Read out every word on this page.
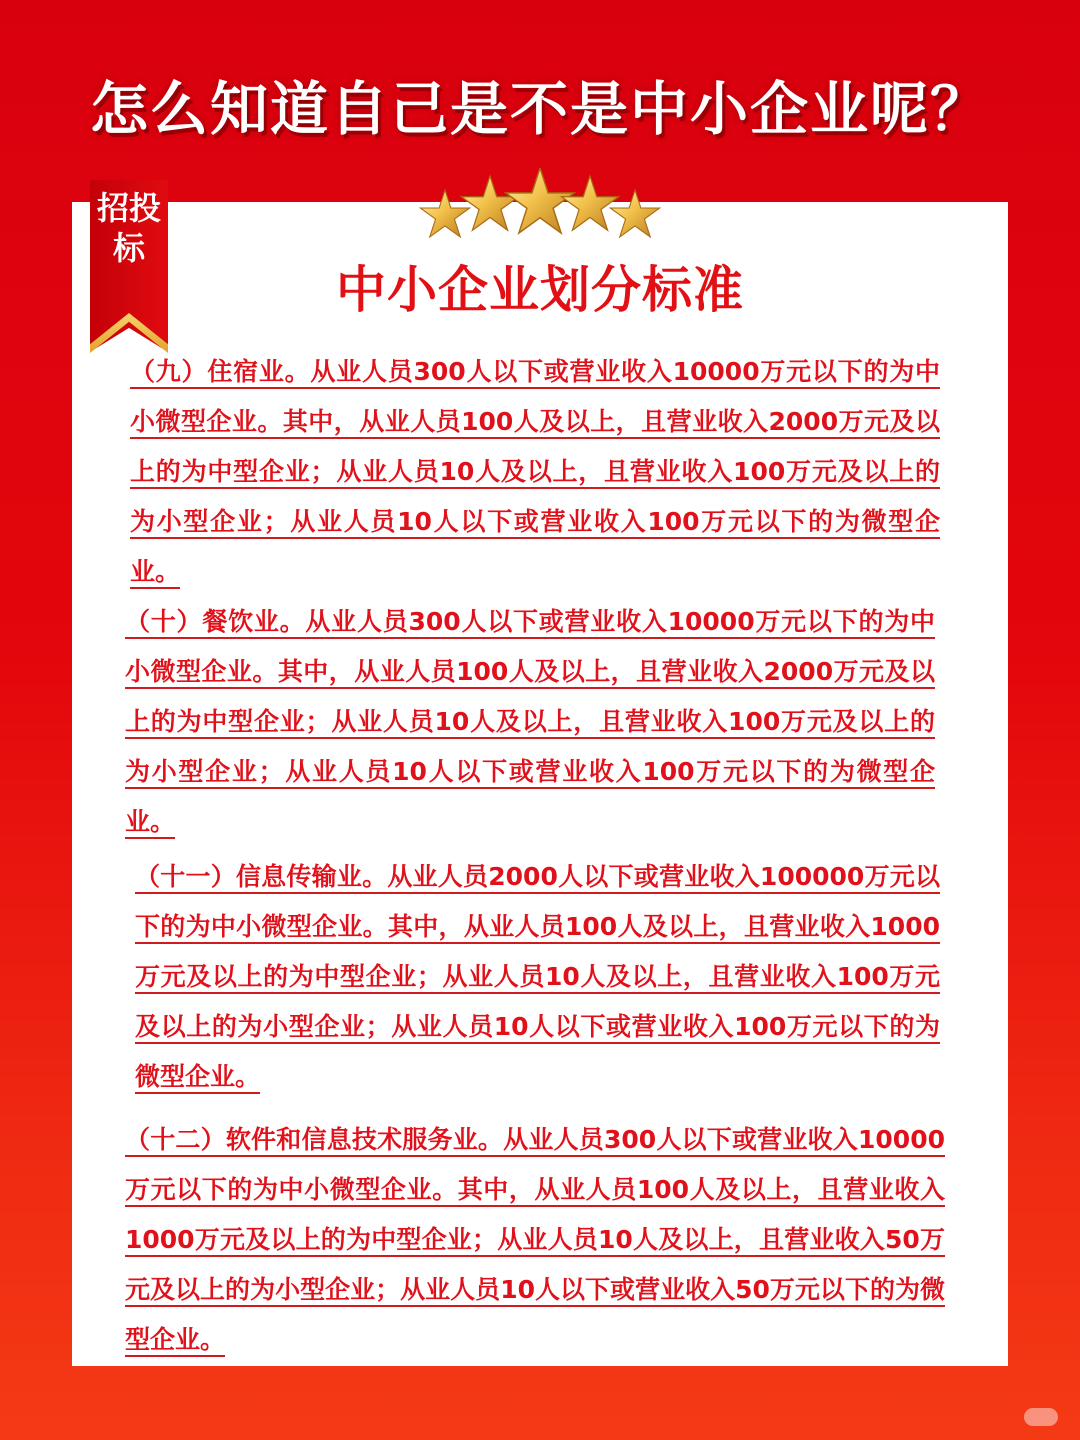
怎么知道自己是不是中小企业呢？
招投标
中小企业划分标准

（九）住宿业。从业人员300人以下或营业收入10000万元以下的为中小微型企业。其中，从业人员100人及以上，且营业收入2000万元及以上的为中型企业；从业人员10人及以上，且营业收入100万元及以上的为小型企业；从业人员10人以下或营业收入100万元以下的为微型企业。

（十）餐饮业。从业人员300人以下或营业收入10000万元以下的为中小微型企业。其中，从业人员100人及以上，且营业收入2000万元及以上的为中型企业；从业人员10人及以上，且营业收入100万元及以上的为小型企业；从业人员10人以下或营业收入100万元以下的为微型企业。

（十一）信息传输业。从业人员2000人以下或营业收入100000万元以下的为中小微型企业。其中，从业人员100人及以上，且营业收入1000万元及以上的为中型企业；从业人员10人及以上，且营业收入100万元及以上的为小型企业；从业人员10人以下或营业收入100万元以下的为微型企业。

（十二）软件和信息技术服务业。从业人员300人以下或营业收入10000万元以下的为中小微型企业。其中，从业人员100人及以上，且营业收入1000万元及以上的为中型企业；从业人员10人及以上，且营业收入50万元及以上的为小型企业；从业人员10人以下或营业收入50万元以下的为微型企业。
